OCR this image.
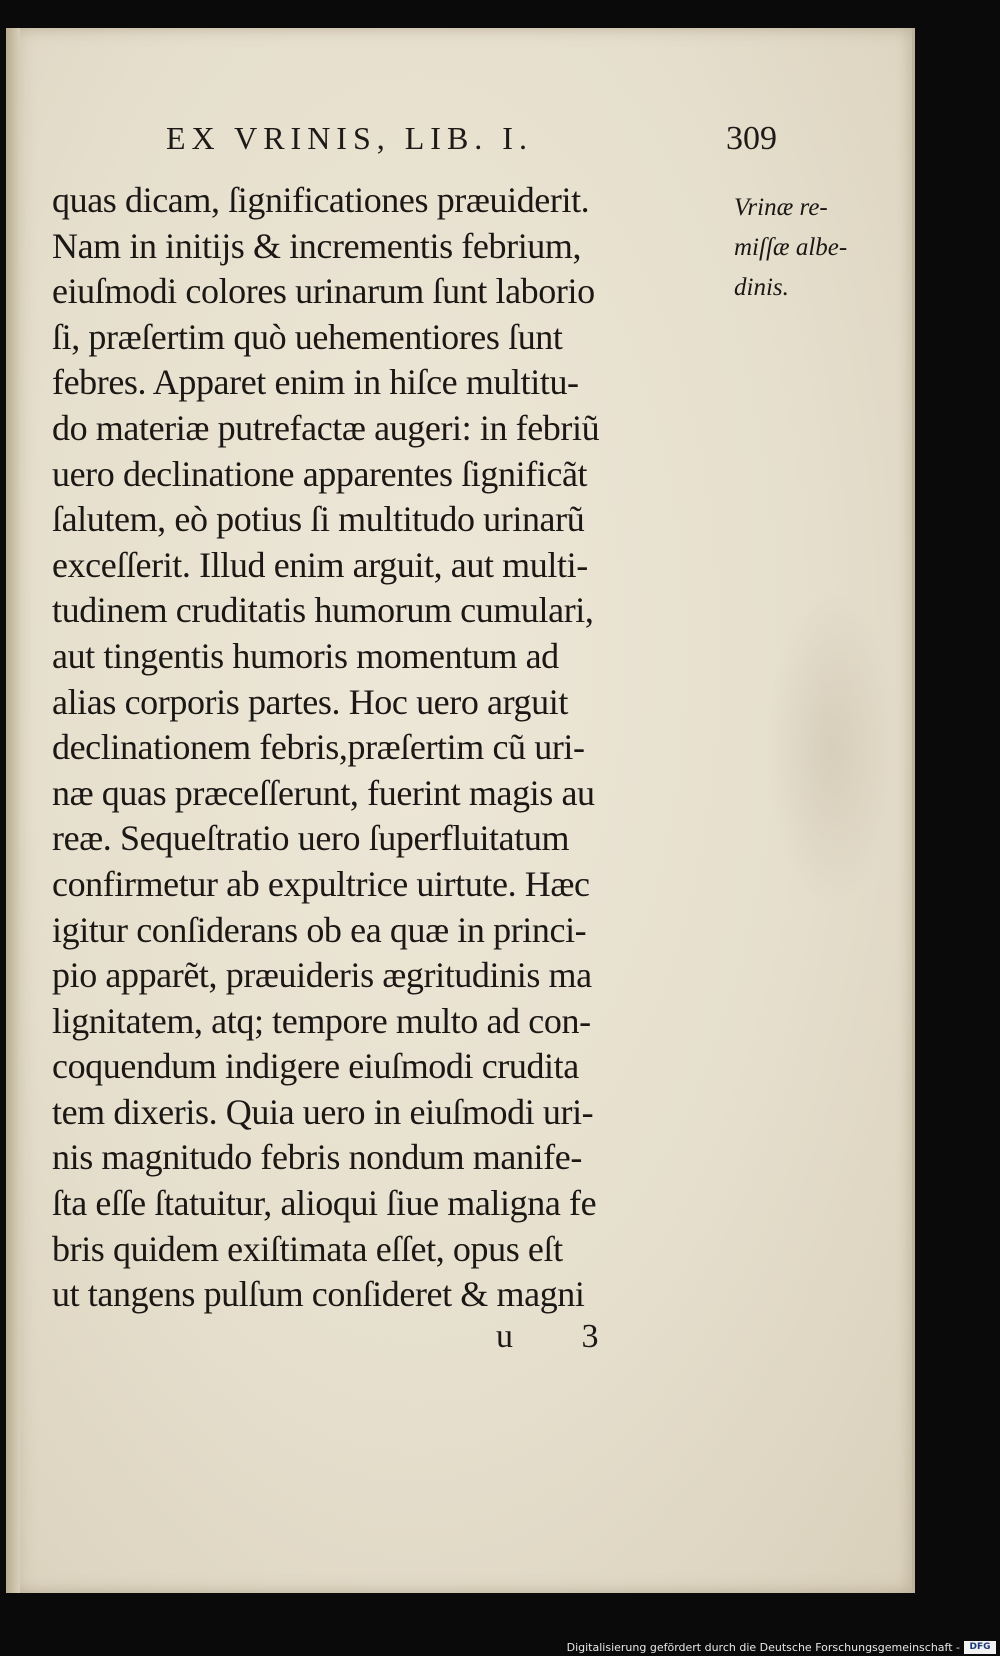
EX VRINIS, LIB. I.	309
quas dicam, ſignificationes præuiderit.
Nam in initijs & incrementis febrium,
eiuſmodi colores urinarum ſunt laborio
ſi, præſertim quò uehementiores ſunt
febres. Apparet enim in hiſce multitu-
do materiæ putrefactæ augeri: in febriũ
uero declinatione apparentes ſignificãt
ſalutem, eò potius ſi multitudo urinarũ
exceſſerit. Illud enim arguit, aut multi-
tudinem cruditatis humorum cumulari,
aut tingentis humoris momentum ad
alias corporis partes. Hoc uero arguit
declinationem febris,præſertim cũ uri-
næ quas præceſſerunt, fuerint magis au
reæ. Sequeſtratio uero ſuperfluitatum
confirmetur ab expultrice uirtute. Hæc
igitur conſiderans ob ea quæ in princi-
pio apparẽt, præuideris ægritudinis ma
lignitatem, atq; tempore multo ad con-
coquendum indigere eiuſmodi crudita
tem dixeris. Quia uero in eiuſmodi uri-
nis magnitudo febris nondum manife-
ſta eſſe ſtatuitur, alioqui ſiue maligna fe
bris quidem exiſtimata eſſet, opus eſt
ut tangens pulſum conſideret & magni
Vrinæ re-
miſſæ albe-
dinis.
u 3
Digitalisierung gefördert durch die Deutsche Forschungsgemeinschaft -	DFG
